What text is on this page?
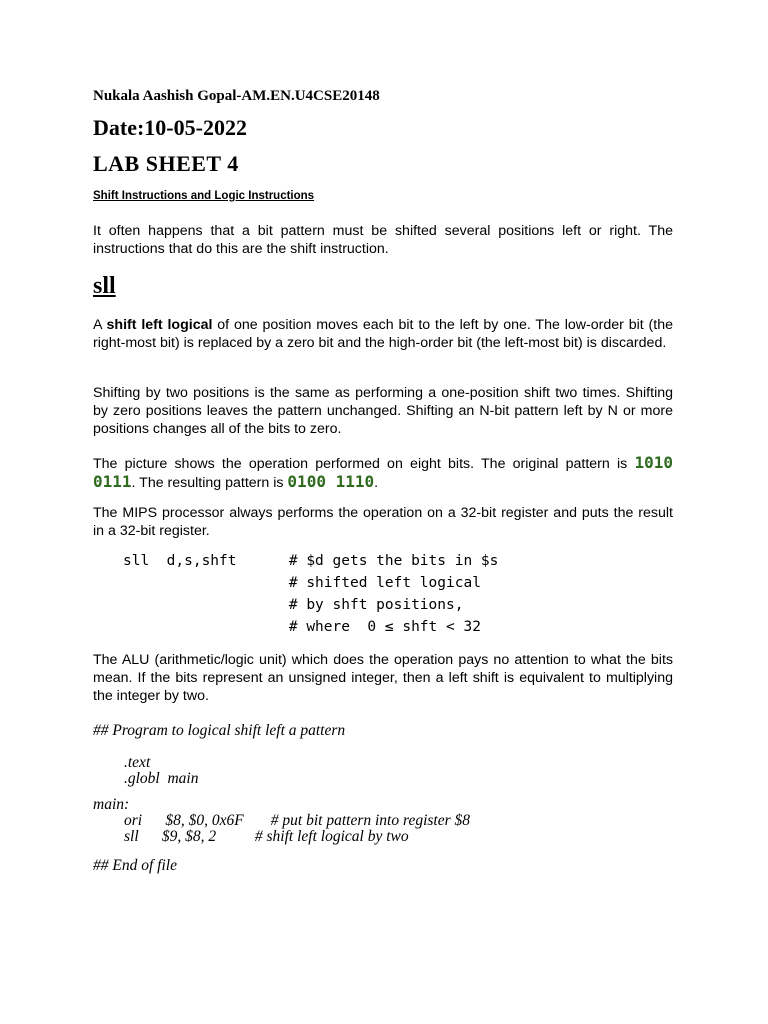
Nukala Aashish Gopal-AM.EN.U4CSE20148
Date:10-05-2022
LAB SHEET 4
Shift Instructions and Logic Instructions
It often happens that a bit pattern must be shifted several positions left or right. The instructions that do this are the shift instruction.
sll
A shift left logical of one position moves each bit to the left by one. The low-order bit (the right-most bit) is replaced by a zero bit and the high-order bit (the left-most bit) is discarded.
Shifting by two positions is the same as performing a one-position shift two times. Shifting by zero positions leaves the pattern unchanged. Shifting an N-bit pattern left by N or more positions changes all of the bits to zero.
The picture shows the operation performed on eight bits. The original pattern is 1010 0111. The resulting pattern is 0100 1110.
The MIPS processor always performs the operation on a 32-bit register and puts the result in a 32-bit register.
sll  d,s,shft      # $d gets the bits in $s
# shifted left logical
# by shft positions,
# where  0 ≤ shft < 32
The ALU (arithmetic/logic unit) which does the operation pays no attention to what the bits mean. If the bits represent an unsigned integer, then a left shift is equivalent to multiplying the integer by two.
## Program to logical shift left a pattern
.text
.globl  main
main:
ori      $8, $0, 0x6F       # put bit pattern into register $8
sll      $9, $8, 2          # shift left logical by two
## End of file
